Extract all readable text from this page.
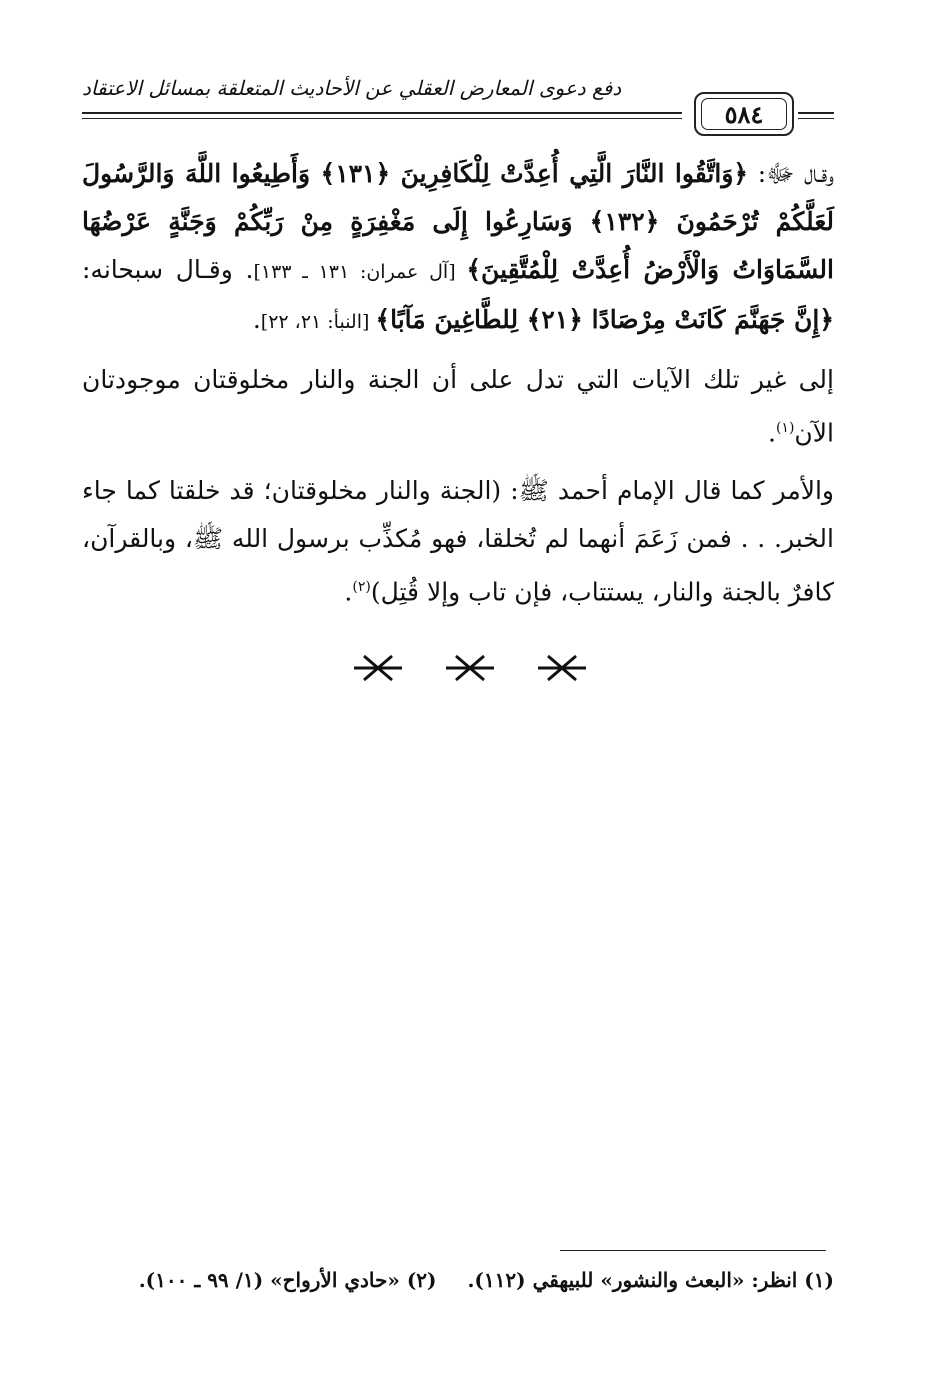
دفع دعوى المعارض العقلي عن الأحاديث المتعلقة بمسائل الاعتقاد
٥٨٤

وقـال ﷻ: ﴿وَاتَّقُوا النَّارَ الَّتِي أُعِدَّتْ لِلْكَافِرِينَ ﴿١٣١﴾ وَأَطِيعُوا اللَّهَ وَالرَّسُولَ لَعَلَّكُمْ تُرْحَمُونَ ﴿١٣٢﴾ وَسَارِعُوا إِلَى مَغْفِرَةٍ مِنْ رَبِّكُمْ وَجَنَّةٍ عَرْضُهَا السَّمَاوَاتُ وَالْأَرْضُ أُعِدَّتْ لِلْمُتَّقِينَ﴾ [آل عمران: ١٣١ ـ ١٣٣]. وقـال سبحانه: ﴿إِنَّ جَهَنَّمَ كَانَتْ مِرْصَادًا ﴿٢١﴾ لِلطَّاغِينَ مَآبًا﴾ [النبأ: ٢١، ٢٢].

إلى غير تلك الآيات التي تدل على أن الجنة والنار مخلوقتان موجودتان الآن$^{(١)}$.

والأمر كما قال الإمام أحمد ﷺ: (الجنة والنار مخلوقتان؛ قد خلقتا كما جاء الخبر. . . فمن زَعَمَ أنهما لم تُخلقا، فهو مُكذِّب برسول الله ﷺ، وبالقرآن، كافرٌ بالجنة والنار، يستتاب، فإن تاب وإلا قُتِل)$^{(٢)}$.

(١) انظر: «البعث والنشور» للبيهقي (١١٢). (٢) «حادي الأرواح» (١/ ٩٩ ـ ١٠٠).
